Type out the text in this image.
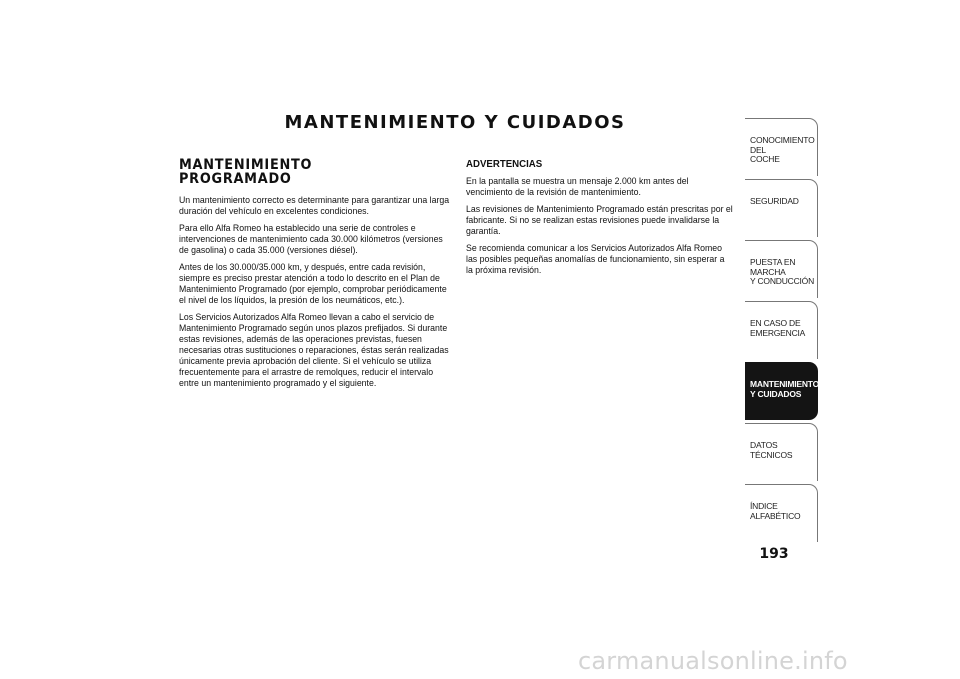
MANTENIMIENTO Y CUIDADOS
MANTENIMIENTO
PROGRAMADO

Un mantenimiento correcto es determinante para garantizar una larga duración del vehículo en excelentes condiciones.

Para ello Alfa Romeo ha establecido una serie de controles e intervenciones de mantenimiento cada 30.000 kilómetros (versiones de gasolina) o cada 35.000 (versiones diésel).

Antes de los 30.000/35.000 km, y después, entre cada revisión, siempre es preciso prestar atención a todo lo descrito en el Plan de Mantenimiento Programado (por ejemplo, comprobar periódicamente el nivel de los líquidos, la presión de los neumáticos, etc.).

Los Servicios Autorizados Alfa Romeo llevan a cabo el servicio de Mantenimiento Programado según unos plazos prefijados. Si durante estas revisiones, además de las operaciones previstas, fuesen necesarias otras sustituciones o reparaciones, éstas serán realizadas únicamente previa aprobación del cliente. Si el vehículo se utiliza frecuentemente para el arrastre de remolques, reducir el intervalo entre un mantenimiento programado y el siguiente.

ADVERTENCIAS

En la pantalla se muestra un mensaje 2.000 km antes del vencimiento de la revisión de mantenimiento.

Las revisiones de Mantenimiento Programado están prescritas por el fabricante. Si no se realizan estas revisiones puede invalidarse la garantía.

Se recomienda comunicar a los Servicios Autorizados Alfa Romeo las posibles pequeñas anomalías de funcionamiento, sin esperar a la próxima revisión.

CONOCIMIENTO DEL
COCHE
SEGURIDAD
PUESTA EN MARCHA
Y CONDUCCIÓN
EN CASO DE
EMERGENCIA
MANTENIMIENTO
Y CUIDADOS
DATOS TÉCNICOS
ÍNDICE ALFABÉTICO
193
carmanualsonline.info
